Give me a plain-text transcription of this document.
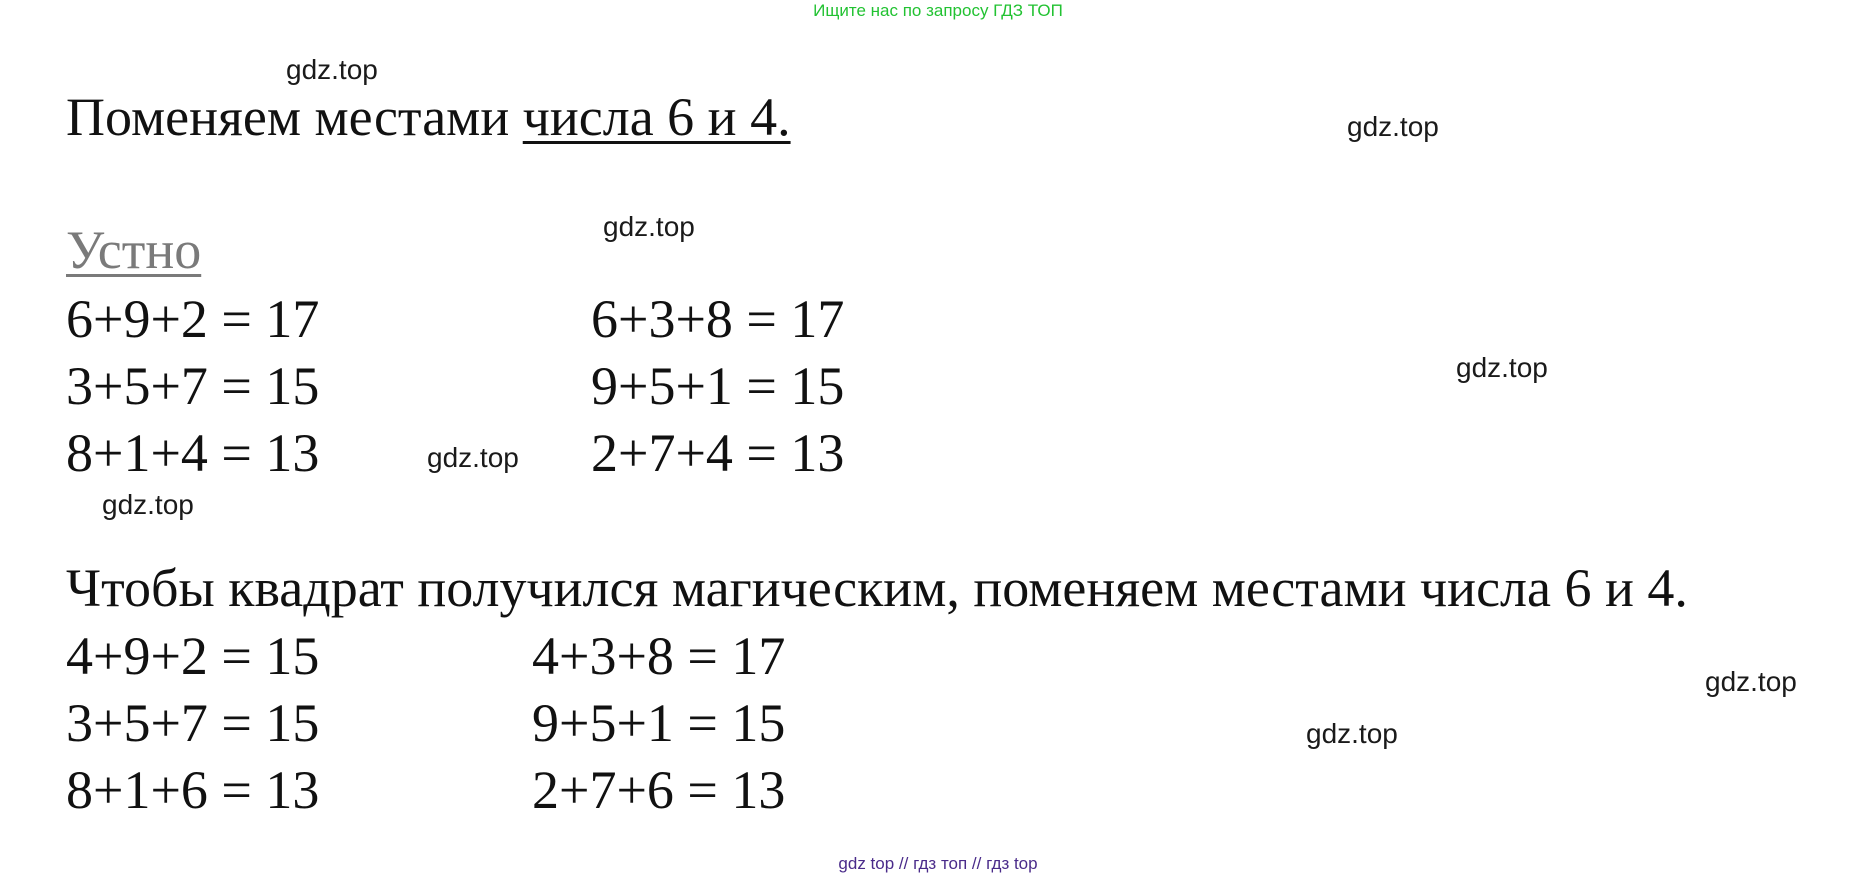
Ищите нас по запросу ГДЗ ТОП
Поменяем местами числа 6 и 4.
Устно
6+9+2 = 17
3+5+7 = 15
8+1+4 = 13
6+3+8 = 17
9+5+1 = 15
2+7+4 = 13
Чтобы квадрат получился магическим, поменяем местами числа 6 и 4.
4+9+2 = 15
3+5+7 = 15
8+1+6 = 13
4+3+8 = 17
9+5+1 = 15
2+7+6 = 13
gdz.top
gdz.top
gdz.top
gdz.top
gdz.top
gdz.top
gdz.top
gdz.top
gdz top // гдз топ // гдз top
